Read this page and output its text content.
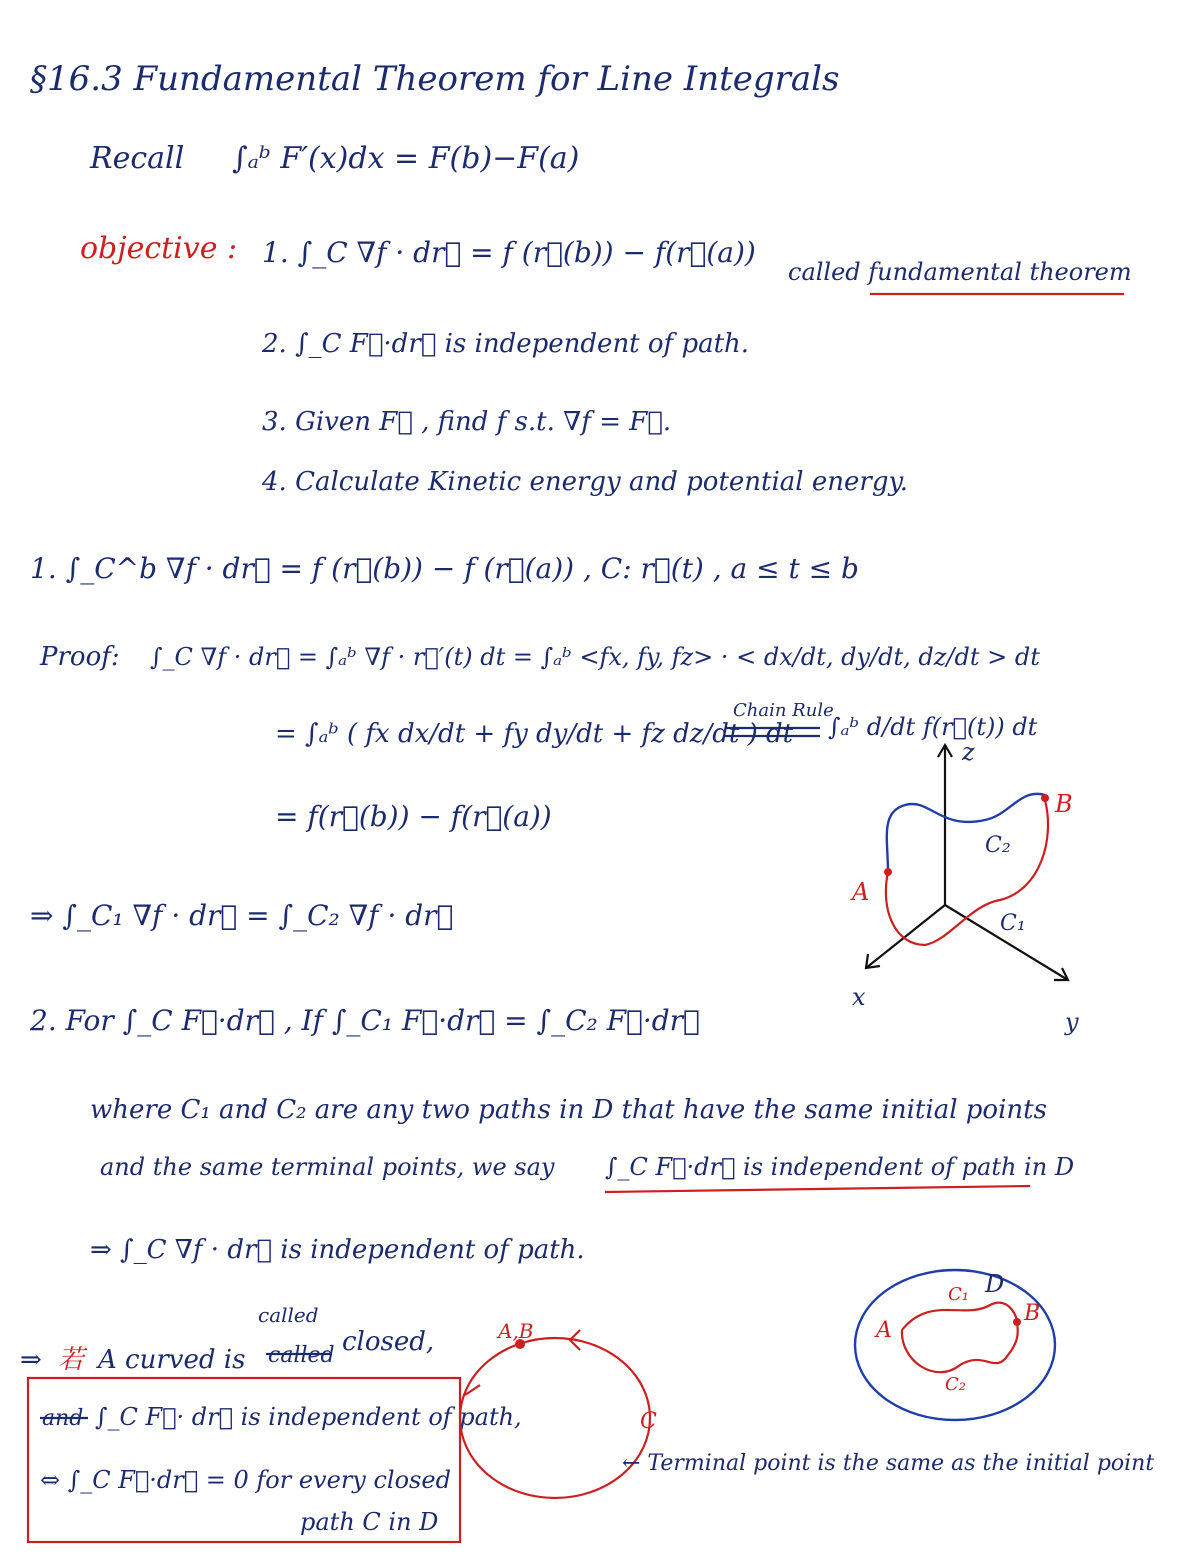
§16.3 Fundamental Theorem for Line Integrals
Recall ∫ₐᵇ F′(x)dx = F(b)−F(a)
objective : 1. ∫_C ∇f · dr⃗ = f (r⃗(b)) − f(r⃗(a))
called fundamental theorem
2. ∫_C F⃗·dr⃗ is independent of path.
3. Given F⃗ , find f s.t. ∇f = F⃗.
4. Calculate Kinetic energy and potential energy.
1. ∫_C^b ∇f · dr⃗ = f (r⃗(b)) − f (r⃗(a)) , C: r⃗(t) , a ≤ t ≤ b
Proof: ∫_C ∇f · dr⃗ = ∫ₐᵇ ∇f · r⃗′(t) dt = ∫ₐᵇ <fx, fy, fz> · < dx/dt, dy/dt, dz/dt > dt
= ∫ₐᵇ ( fx dx/dt + fy dy/dt + fz dz/dt ) dt
Chain Rule
∫ₐᵇ d/dt f(r⃗(t)) dt
= f(r⃗(b)) − f(r⃗(a))
⇒ ∫_C₁ ∇f · dr⃗ = ∫_C₂ ∇f · dr⃗
z
B
C₂
A
C₁
x
y
2. For ∫_C F⃗·dr⃗ , If ∫_C₁ F⃗·dr⃗ = ∫_C₂ F⃗·dr⃗
where C₁ and C₂ are any two paths in D that have the same initial points
and the same terminal points, we say ∫_C F⃗·dr⃗ is independent of path in D
⇒ ∫_C ∇f · dr⃗ is independent of path.
D
C₁
A
B
C₂
⇒ 若 A curved is called
called
closed,
and ∫_C F⃗· dr⃗ is independent of path,
⇔ ∫_C F⃗·dr⃗ = 0 for every closed
path C in D
A,B
C
← Terminal point is the same as the initial point
